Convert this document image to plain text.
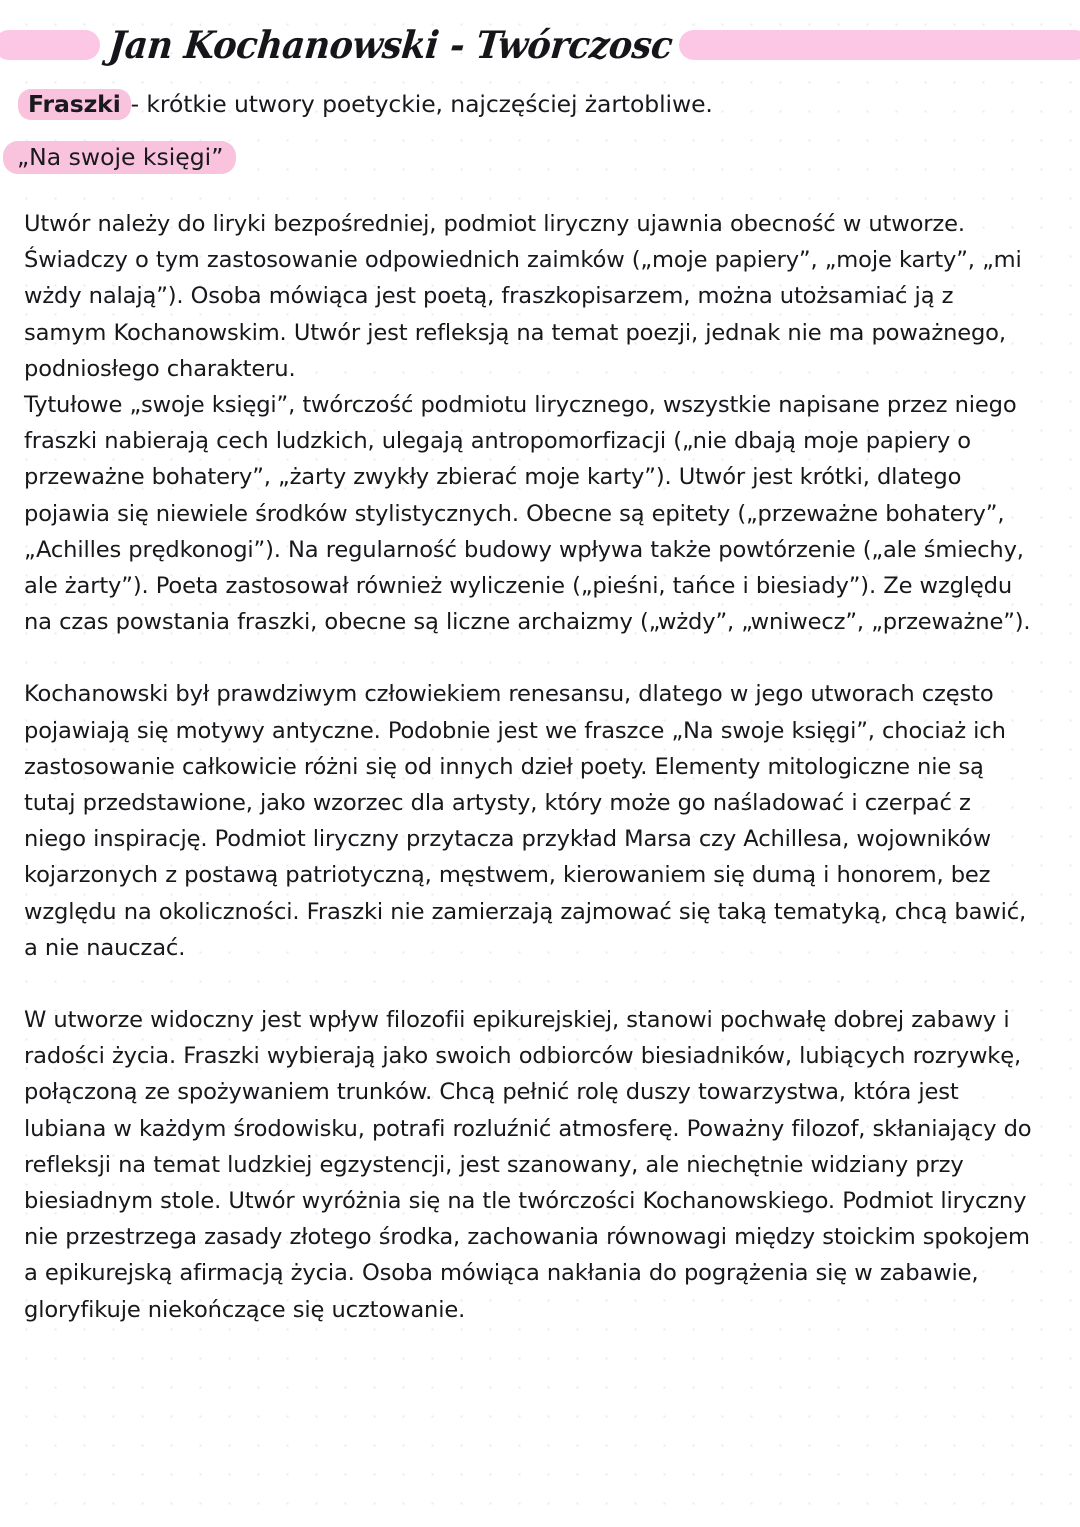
Jan Kochanowski - Twórczosc
Fraszki - krótkie utwory poetyckie, najczęściej żartobliwe.
„Na swoje księgi”

Utwór należy do liryki bezpośredniej, podmiot liryczny ujawnia obecność w utworze. Świadczy o tym zastosowanie odpowiednich zaimków („moje papiery”, „moje karty”, „mi wżdy nalają”). Osoba mówiąca jest poetą, fraszkopisarzem, można utożsamiać ją z samym Kochanowskim. Utwór jest refleksją na temat poezji, jednak nie ma poważnego, podniosłego charakteru.

Tytułowe „swoje księgi”, twórczość podmiotu lirycznego, wszystkie napisane przez niego fraszki nabierają cech ludzkich, ulegają antropomorfizacji („nie dbają moje papiery o przeważne bohatery”, „żarty zwykły zbierać moje karty”). Utwór jest krótki, dlatego pojawia się niewiele środków stylistycznych. Obecne są epitety („przeważne bohatery”, „Achilles prędkonogi”). Na regularność budowy wpływa także powtórzenie („ale śmiechy, ale żarty”). Poeta zastosował również wyliczenie („pieśni, tańce i biesiady”). Ze względu na czas powstania fraszki, obecne są liczne archaizmy („wżdy”, „wniwecz”, „przeważne”).

Kochanowski był prawdziwym człowiekiem renesansu, dlatego w jego utworach często pojawiają się motywy antyczne. Podobnie jest we fraszce „Na swoje księgi”, chociaż ich zastosowanie całkowicie różni się od innych dzieł poety. Elementy mitologiczne nie są tutaj przedstawione, jako wzorzec dla artysty, który może go naśladować i czerpać z niego inspirację. Podmiot liryczny przytacza przykład Marsa czy Achillesa, wojowników kojarzonych z postawą patriotyczną, męstwem, kierowaniem się dumą i honorem, bez względu na okoliczności. Fraszki nie zamierzają zajmować się taką tematyką, chcą bawić, a nie nauczać.

W utworze widoczny jest wpływ filozofii epikurejskiej, stanowi pochwałę dobrej zabawy i radości życia. Fraszki wybierają jako swoich odbiorców biesiadników, lubiących rozrywkę, połączoną ze spożywaniem trunków. Chcą pełnić rolę duszy towarzystwa, która jest lubiana w każdym środowisku, potrafi rozluźnić atmosferę. Poważny filozof, skłaniający do refleksji na temat ludzkiej egzystencji, jest szanowany, ale niechętnie widziany przy biesiadnym stole. Utwór wyróżnia się na tle twórczości Kochanowskiego. Podmiot liryczny nie przestrzega zasady złotego środka, zachowania równowagi między stoickim spokojem a epikurejską afirmacją życia. Osoba mówiąca nakłania do pogrążenia się w zabawie, gloryfikuje niekończące się ucztowanie.
